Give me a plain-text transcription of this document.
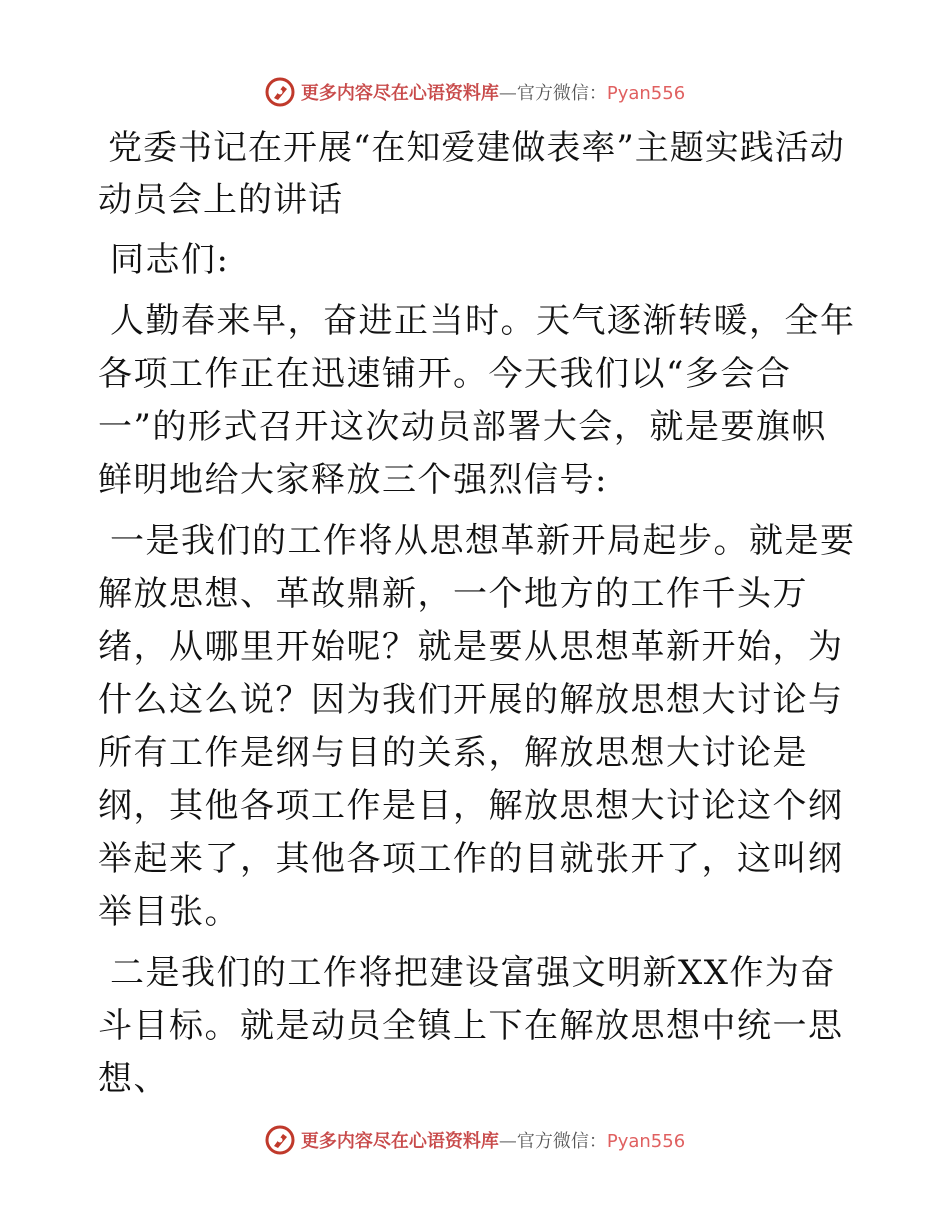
更多内容尽在心语资料库—官方微信：Pyan556
党委书记在开展“在知爱建做表率”主题实践活动动员会上的讲话

同志们:

人勤春来早，奋进正当时。天气逐渐转暖，全年各项工作正在迅速铺开。今天我们以“多会合一”的形式召开这次动员部署大会，就是要旗帜鲜明地给大家释放三个强烈信号:

一是我们的工作将从思想革新开局起步。就是要解放思想、革故鼎新，一个地方的工作千头万绪，从哪里开始呢？就是要从思想革新开始，为什么这么说？因为我们开展的解放思想大讨论与所有工作是纲与目的关系，解放思想大讨论是纲，其他各项工作是目，解放思想大讨论这个纲举起来了，其他各项工作的目就张开了，这叫纲举目张。

二是我们的工作将把建设富强文明新XX作为奋斗目标。就是动员全镇上下在解放思想中统一思想、

更多内容尽在心语资料库—官方微信：Pyan556
